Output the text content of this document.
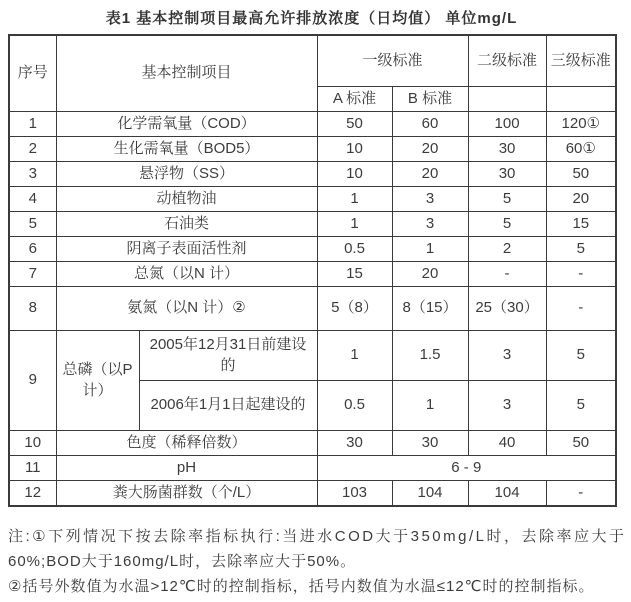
表1 基本控制项目最高允许排放浓度（日均值） 单位mg/L
序号	基本控制项目		一级标准		二级标准	三级标准
			A 标准	B 标准		
1	化学需氧量（COD）		50	60	100	120①
2	生化需氧量（BOD5）		10	20	30	60①
3	悬浮物（SS）		10	20	30	50
4	动植物油		1	3	5	20
5	石油类		1	3	5	15
6	阴离子表面活性剂		0.5	1	2	5
7	总氮（以N 计）		15	20	-	-
8	氨氮（以N 计）②		5（8）	8（15）	25（30）	-
9	总磷（以P 计）	2005年12月31日前建设的	1	1.5	3	5
		2006年1月1日起建设的	0.5	1	3	5
10	色度（稀释倍数）		30	30	40	50
11	pH		6 - 9			
12	粪大肠菌群数（个/L）		103	104	104	-
注:①下列情况下按去除率指标执行:当进水COD大于350mg/L时，去除率应大于
60%;BOD大于160mg/L时，去除率应大于50%。
②括号外数值为水温>12℃时的控制指标，括号内数值为水温≤12℃时的控制指标。
